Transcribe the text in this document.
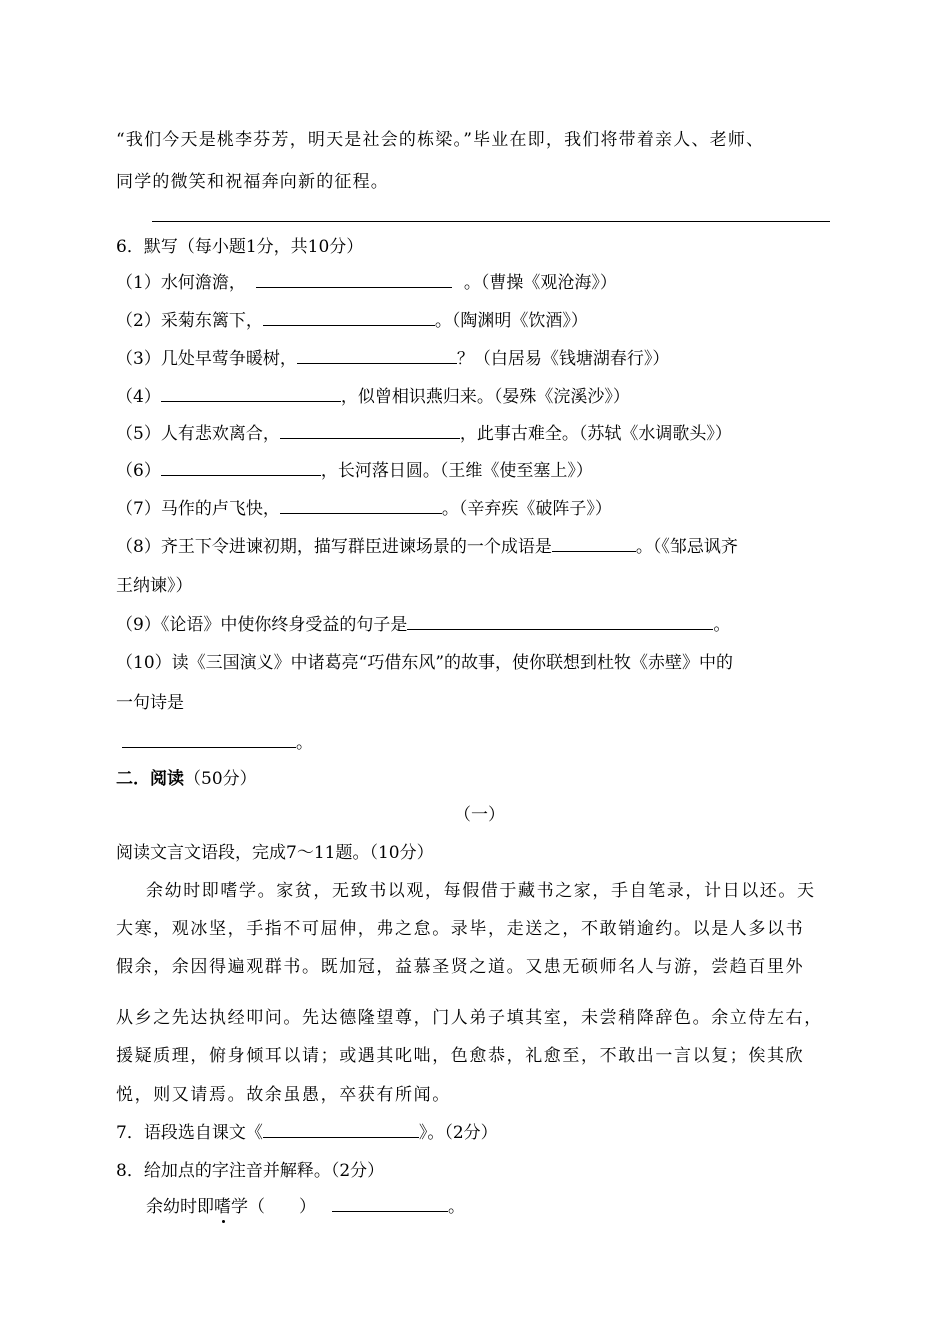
“我们今天是桃李芬芳，明天是社会的栋梁。”毕业在即，我们将带着亲人、老师、
同学的微笑和祝福奔向新的征程。
6．默写（每小题1分，共10分）
（1）水何澹澹，	。（曹操《观沧海》）
（2）采菊东篱下，	。（陶渊明《饮酒》）
（3）几处早莺争暖树，	？（白居易《钱塘湖春行》）
（4）	，似曾相识燕归来。（晏殊《浣溪沙》）
（5）人有悲欢离合，	，此事古难全。（苏轼《水调歌头》）
（6）	，长河落日圆。（王维《使至塞上》）
（7）马作的卢飞快，	。（辛弃疾《破阵子》）
（8）齐王下令进谏初期，描写群臣进谏场景的一个成语是	。（《邹忌讽齐
王纳谏》）
（9）《论语》中使你终身受益的句子是	。
（10）读《三国演义》中诸葛亮“巧借东风”的故事，使你联想到杜牧《赤壁》中的
一句诗是
。
二．阅读（50分）
（一）
阅读文言文语段，完成7～11题。（10分）
余幼时即嗜学。家贫，无致书以观，每假借于藏书之家，手自笔录，计日以还。天
大寒，观冰坚，手指不可屈伸，弗之怠。录毕，走送之，不敢销逾约。以是人多以书
假余，余因得遍观群书。既加冠，益慕圣贤之道。又患无硕师名人与游，尝趋百里外
从乡之先达执经叩问。先达德隆望尊，门人弟子填其室，未尝稍降辞色。余立侍左右，
援疑质理，俯身倾耳以请；或遇其叱咄，色愈恭，礼愈至，不敢出一言以复；俟其欣
悦，则又请焉。故余虽愚，卒获有所闻。
7．语段选自课文《	》。（2分）
8．给加点的字注音并解释。（2分）
余幼时即嗜学（　　）	。
